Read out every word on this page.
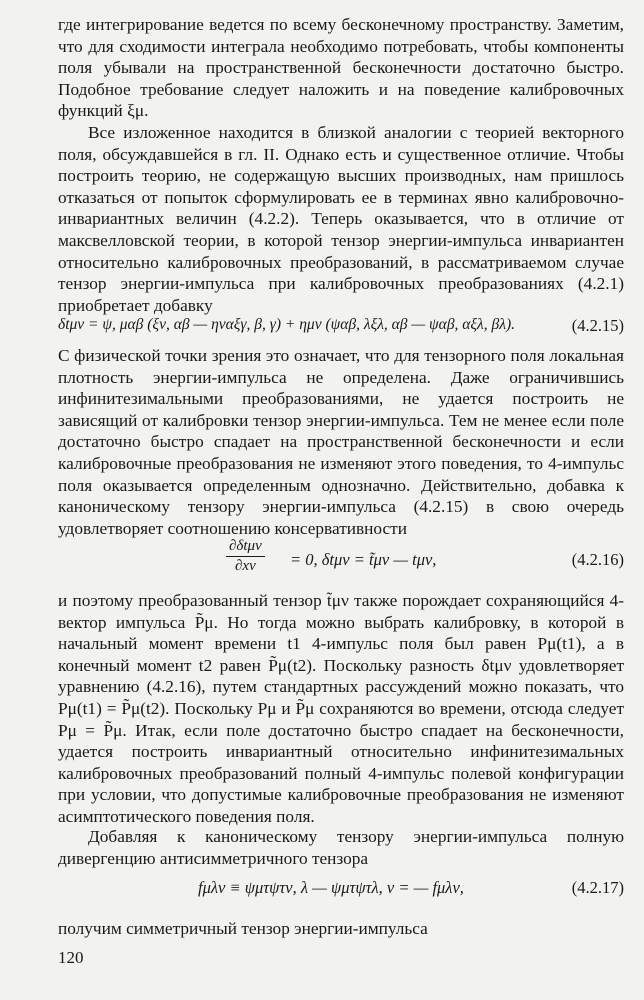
где интегрирование ведется по всему бесконечному пространству. Заметим, что для сходимости интеграла необходимо потребовать, чтобы компоненты поля убывали на пространственной бесконечности достаточно быстро. Подобное требование следует наложить и на поведение калибровочных функций ξμ.

Все изложенное находится в близкой аналогии с теорией векторного поля, обсуждавшейся в гл. II. Однако есть и существенное отличие. Чтобы построить теорию, не содержащую высших производных, нам пришлось отказаться от попыток сформулировать ее в терминах явно калибровочно-инвариантных величин (4.2.2). Теперь оказывается, что в отличие от максвелловской теории, в которой тензор энергии-импульса инвариантен относительно калибровочных преобразований, в рассматриваемом случае тензор энергии-импульса при калибровочных преобразованиях (4.2.1) приобретает добавку

δtμν = ψ, μαβ (ξν, αβ — ηναξγ, β, γ) + ημν (ψαβ, λξλ, αβ — ψαβ, αξλ, βλ).	(4.2.15)

С физической точки зрения это означает, что для тензорного поля локальная плотность энергии-импульса не определена. Даже ограничившись инфинитезимальными преобразованиями, не удается построить не зависящий от калибровки тензор энергии-импульса. Тем не менее если поле достаточно быстро спадает на пространственной бесконечности и если калибровочные преобразования не изменяют этого поведения, то 4-импульс поля оказывается определенным однозначно. Действительно, добавка к каноническому тензору энергии-импульса (4.2.15) в свою очередь удовлетворяет соотношению консервативности

∂δtμν
∂xν	= 0, δtμν = t̃μν — tμν,	(4.2.16)

и поэтому преобразованный тензор t̃μν также порождает сохраняющийся 4-вектор импульса P̃μ. Но тогда можно выбрать калибровку, в которой в начальный момент времени t1 4-импульс поля был равен Pμ(t1), а в конечный момент t2 равен P̃μ(t2). Поскольку разность δtμν удовлетворяет уравнению (4.2.16), путем стандартных рассуждений можно показать, что Pμ(t1) = P̃μ(t2). Поскольку Pμ и P̃μ сохраняются во времени, отсюда следует Pμ = P̃μ. Итак, если поле достаточно быстро спадает на бесконечности, удается построить инвариантный относительно инфинитезимальных калибровочных преобразований полный 4-импульс полевой конфигурации при условии, что допустимые калибровочные преобразования не изменяют асимптотического поведения поля.

Добавляя к каноническому тензору энергии-импульса полную дивергенцию антисимметричного тензора

fμλν ≡ ψμτψτν, λ — ψμτψτλ, ν = — fμλν,	(4.2.17)

получим симметричный тензор энергии-импульса

120
